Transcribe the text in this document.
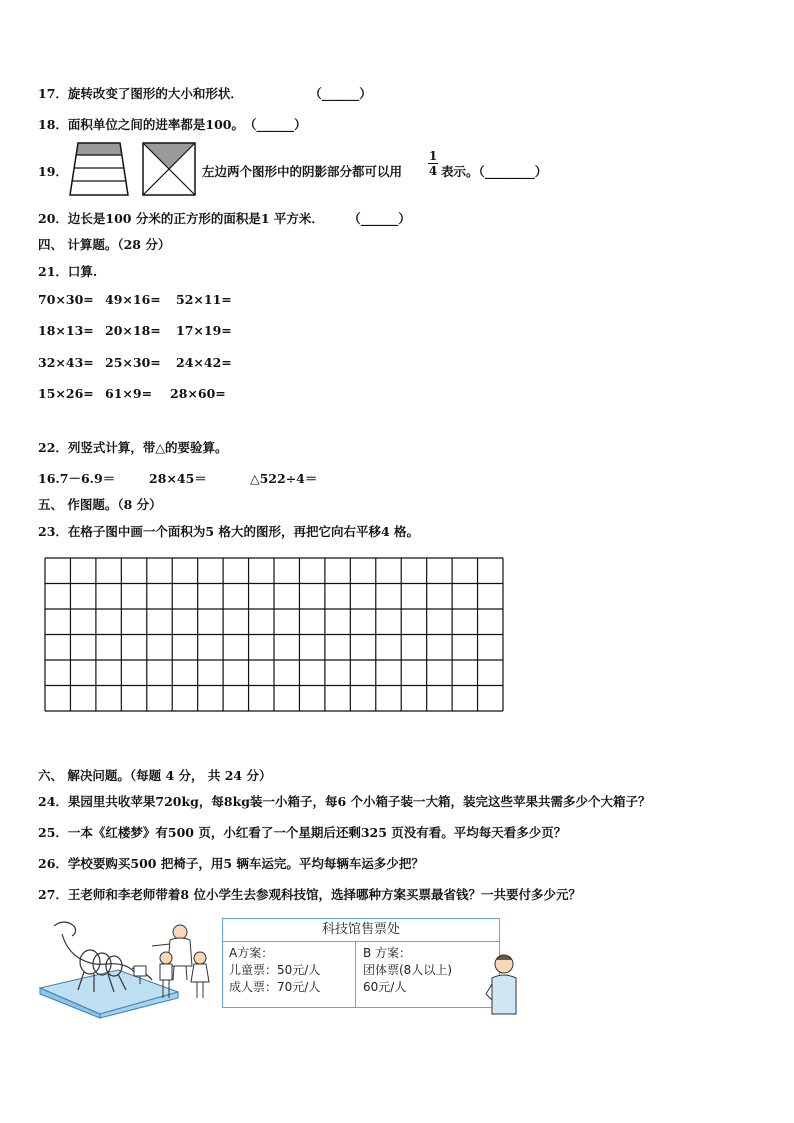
17．旋转改变了图形的大小和形状．	（______）
18．面积单位之间的进率都是100。（______）
19．	左边两个图形中的阴影部分都可以用
1
4 表示。（________）
20．边长是100 分米的正方形的面积是1 平方米． （______）
四、 计算题。（28 分）
21．口算.
70×30= 49×16= 52×11=
18×13= 20×18= 17×19=
32×43= 25×30= 24×42=
15×26= 61×9= 28×60=
22．列竖式计算，带△的要验算。
16.7－6.9＝	28×45＝	△522÷4＝
五、 作图题。（8 分）
23．在格子图中画一个面积为5 格大的图形，再把它向右平移4 格。
六、 解决问题。（每题 4 分， 共 24 分）
24．果园里共收苹果720kg，每8kg装一小箱子，每6 个小箱子装一大箱，装完这些苹果共需多少个大箱子？
25．一本《红楼梦》有500 页，小红看了一个星期后还剩325 页没有看。平均每天看多少页？
26．学校要购买500 把椅子，用5 辆车运完。平均每辆车运多少把？
27．王老师和李老师带着8 位小学生去参观科技馆，选择哪种方案买票最省钱？一共要付多少元？
科技馆售票处
A方案：
儿童票：50元/人
成人票：70元/人
B 方案：
团体票(8人以上)
60元/人
